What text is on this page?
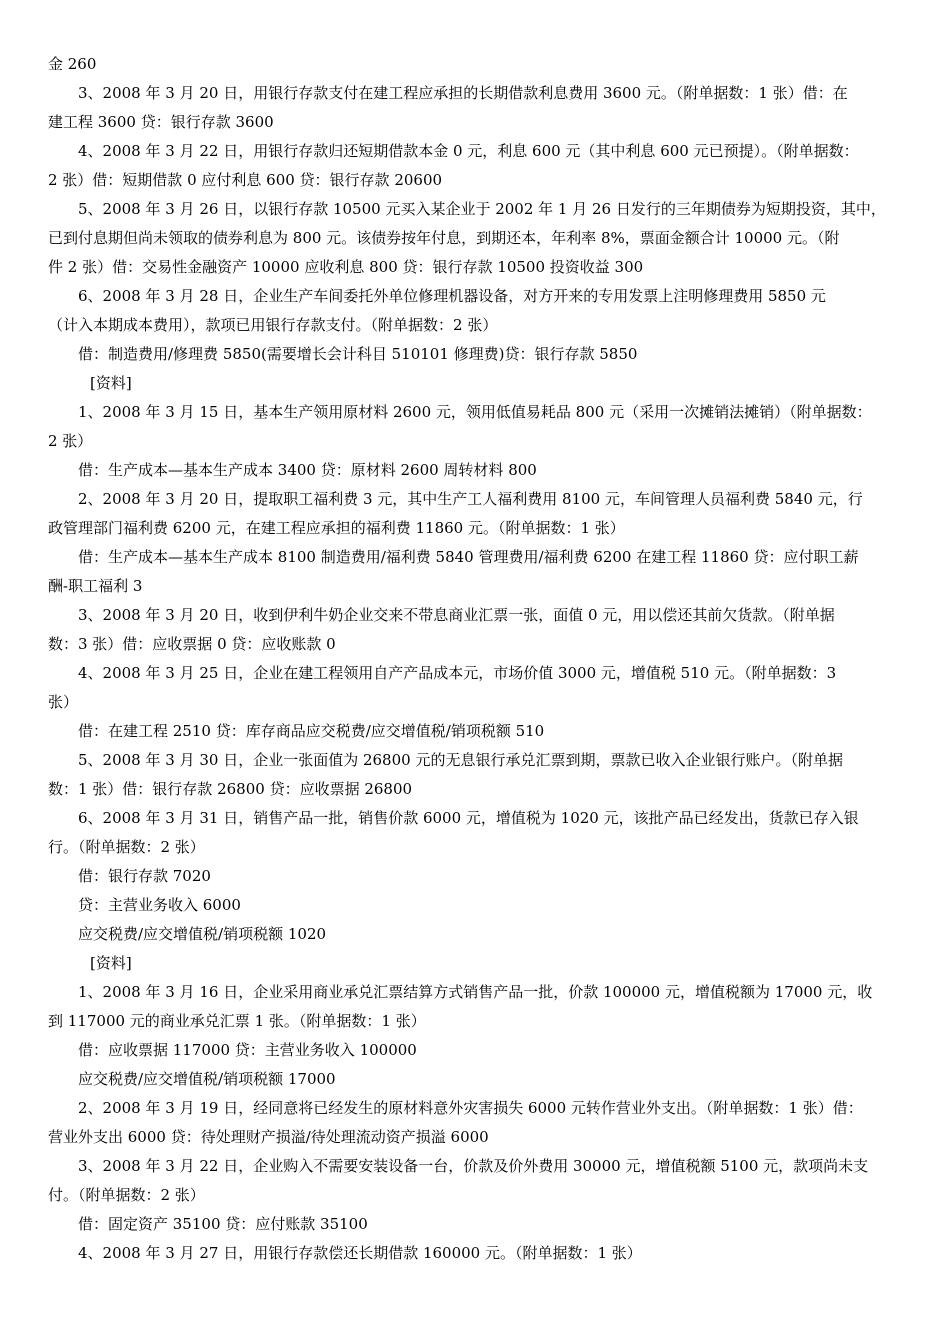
金 260
3、2008 年 3 月 20 日，用银行存款支付在建工程应承担的长期借款利息费用 3600 元。（附单据数：1 张）借：在
建工程 3600 贷：银行存款 3600
4、2008 年 3 月 22 日，用银行存款归还短期借款本金 0 元，利息 600 元（其中利息 600 元已预提）。（附单据数：
2 张）借：短期借款 0 应付利息 600 贷：银行存款 20600
5、2008 年 3 月 26 日，以银行存款 10500 元买入某企业于 2002 年 1 月 26 日发行的三年期债券为短期投资，其中，
已到付息期但尚未领取的债券利息为 800 元。该债券按年付息，到期还本，年利率 8%，票面金额合计 10000 元。（附
件 2 张）借：交易性金融资产 10000 应收利息 800 贷：银行存款 10500 投资收益 300
6、2008 年 3 月 28 日，企业生产车间委托外单位修理机器设备，对方开来的专用发票上注明修理费用 5850 元
（计入本期成本费用），款项已用银行存款支付。（附单据数：2 张）
借：制造费用/修理费 5850(需要增长会计科目 510101 修理费)贷：银行存款 5850
[资料]
1、2008 年 3 月 15 日，基本生产领用原材料 2600 元，领用低值易耗品 800 元（采用一次摊销法摊销）（附单据数：
2 张）
借：生产成本—基本生产成本 3400 贷：原材料 2600 周转材料 800
2、2008 年 3 月 20 日，提取职工福利费 3 元，其中生产工人福利费用 8100 元，车间管理人员福利费 5840 元，行
政管理部门福利费 6200 元，在建工程应承担的福利费 11860 元。（附单据数：1 张）
借：生产成本—基本生产成本 8100 制造费用/福利费 5840 管理费用/福利费 6200 在建工程 11860 贷：应付职工薪
酬-职工福利 3
3、2008 年 3 月 20 日，收到伊利牛奶企业交来不带息商业汇票一张，面值 0 元，用以偿还其前欠货款。（附单据
数：3 张）借：应收票据 0 贷：应收账款 0
4、2008 年 3 月 25 日，企业在建工程领用自产产品成本元，市场价值 3000 元，增值税 510 元。（附单据数：3
张）
借：在建工程 2510 贷：库存商品应交税费/应交增值税/销项税额 510
5、2008 年 3 月 30 日，企业一张面值为 26800 元的无息银行承兑汇票到期，票款已收入企业银行账户。（附单据
数：1 张）借：银行存款 26800 贷：应收票据 26800
6、2008 年 3 月 31 日，销售产品一批，销售价款 6000 元，增值税为 1020 元，该批产品已经发出，货款已存入银
行。（附单据数：2 张）
借：银行存款 7020
贷：主营业务收入 6000
应交税费/应交增值税/销项税额 1020
[资料]
1、2008 年 3 月 16 日，企业采用商业承兑汇票结算方式销售产品一批，价款 100000 元，增值税额为 17000 元，收
到 117000 元的商业承兑汇票 1 张。（附单据数：1 张）
借：应收票据 117000 贷：主营业务收入 100000
应交税费/应交增值税/销项税额 17000
2、2008 年 3 月 19 日，经同意将已经发生的原材料意外灾害损失 6000 元转作营业外支出。（附单据数：1 张）借：
营业外支出 6000 贷：待处理财产损溢/待处理流动资产损溢 6000
3、2008 年 3 月 22 日，企业购入不需要安装设备一台，价款及价外费用 30000 元，增值税额 5100 元，款项尚未支
付。（附单据数：2 张）
借：固定资产 35100 贷：应付账款 35100
4、2008 年 3 月 27 日，用银行存款偿还长期借款 160000 元。（附单据数：1 张）
